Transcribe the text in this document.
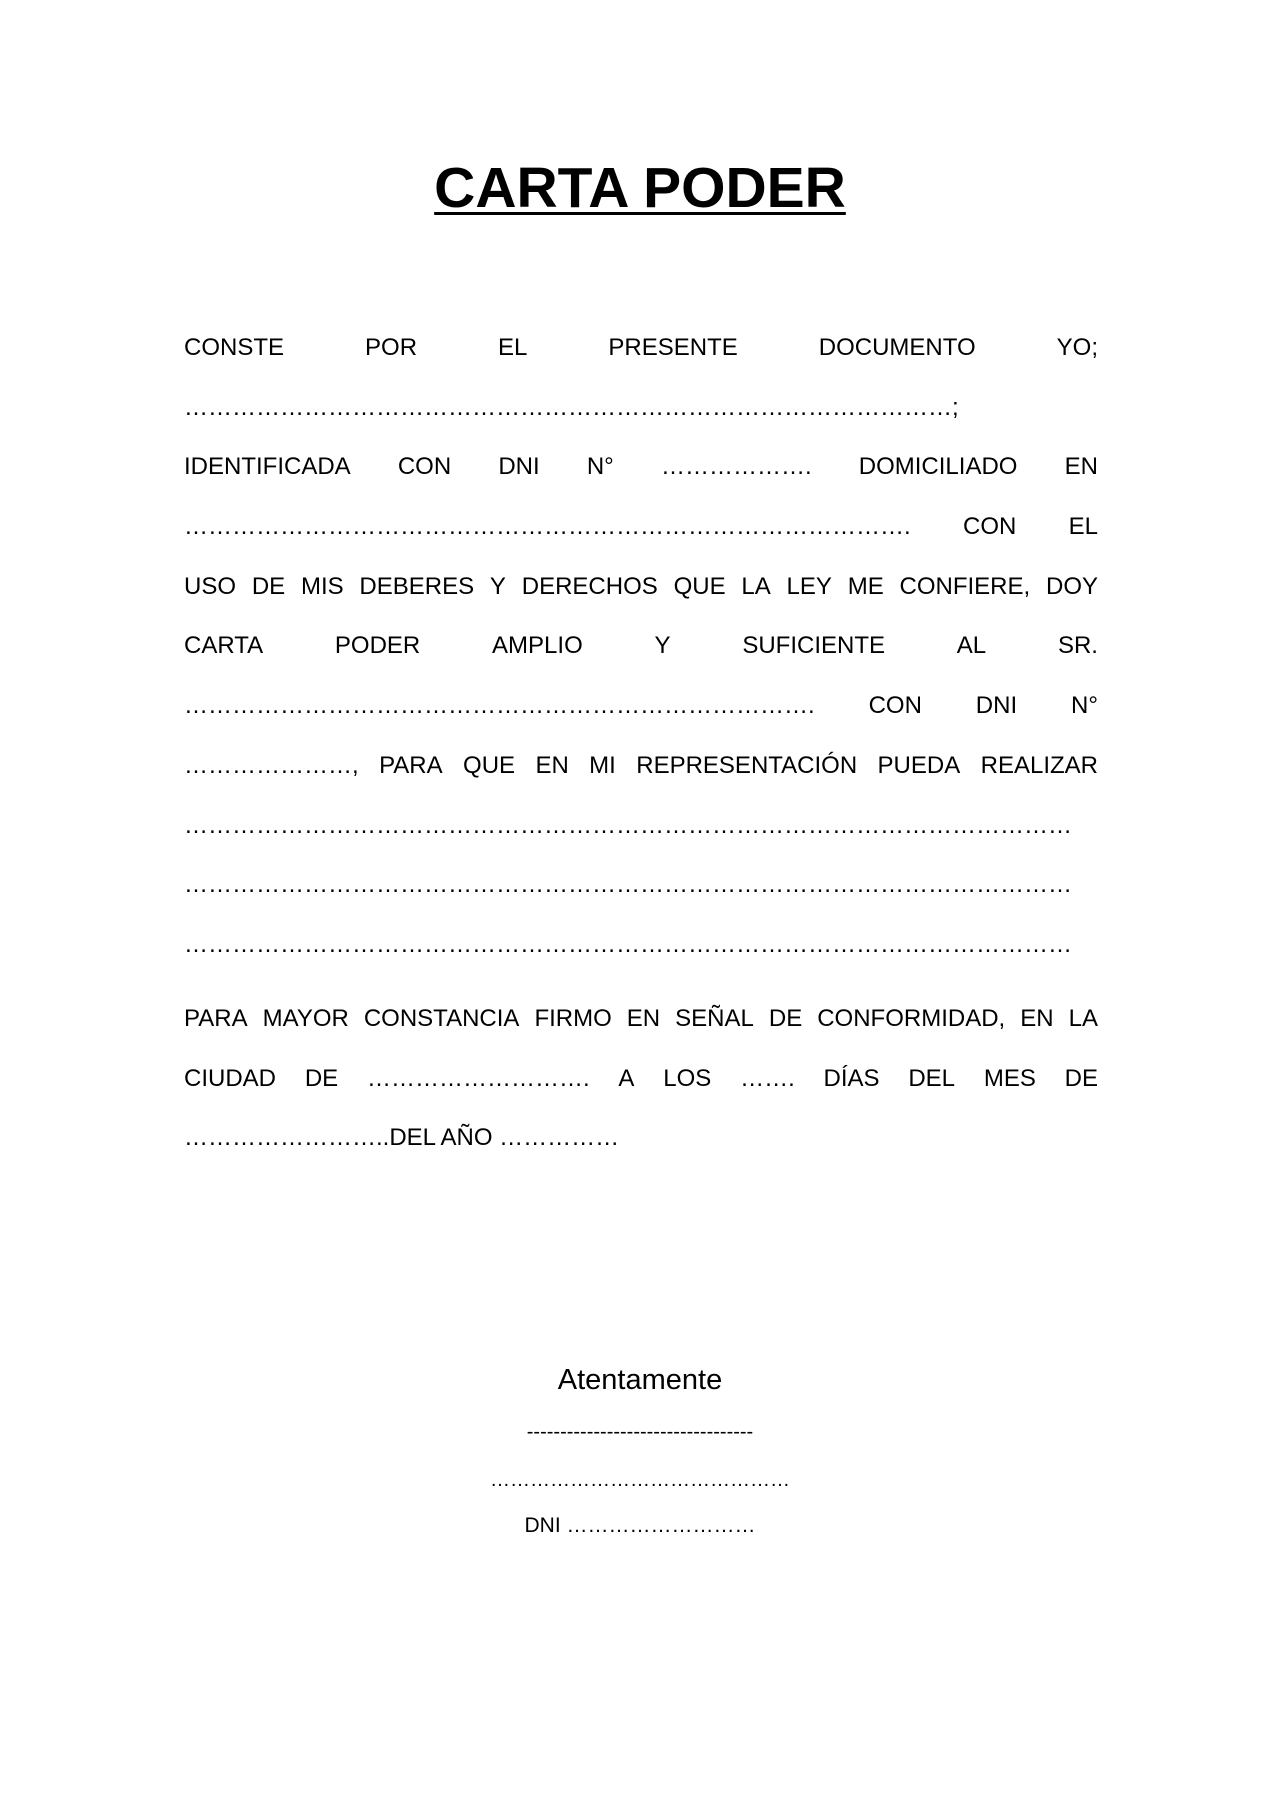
CARTA PODER
CONSTE	POR	EL	PRESENTE	DOCUMENTO	YO;
……………………………………………………………………………………;
IDENTIFICADA CON DNI N° ………………. DOMICILIADO EN
………………………………………………………………………………. CON EL
USO DE MIS DEBERES Y DERECHOS QUE LA LEY ME CONFIERE, DOY
CARTA	PODER	AMPLIO	Y	SUFICIENTE	AL	SR.
……………………………………………………………………. CON DNI N°
…………………, PARA QUE EN MI REPRESENTACIÓN PUEDA REALIZAR
…………………………………………………………………………………………………
…………………………………………………………………………………………………
…………………………………………………………………………………………………
PARA MAYOR CONSTANCIA FIRMO EN SEÑAL DE CONFORMIDAD, EN LA
CIUDAD DE ………………………. A LOS ……. DÍAS DEL MES DE
……………………..DEL AÑO ……………
Atentamente
----------------------------------
………………………………………
DNI ………………………
